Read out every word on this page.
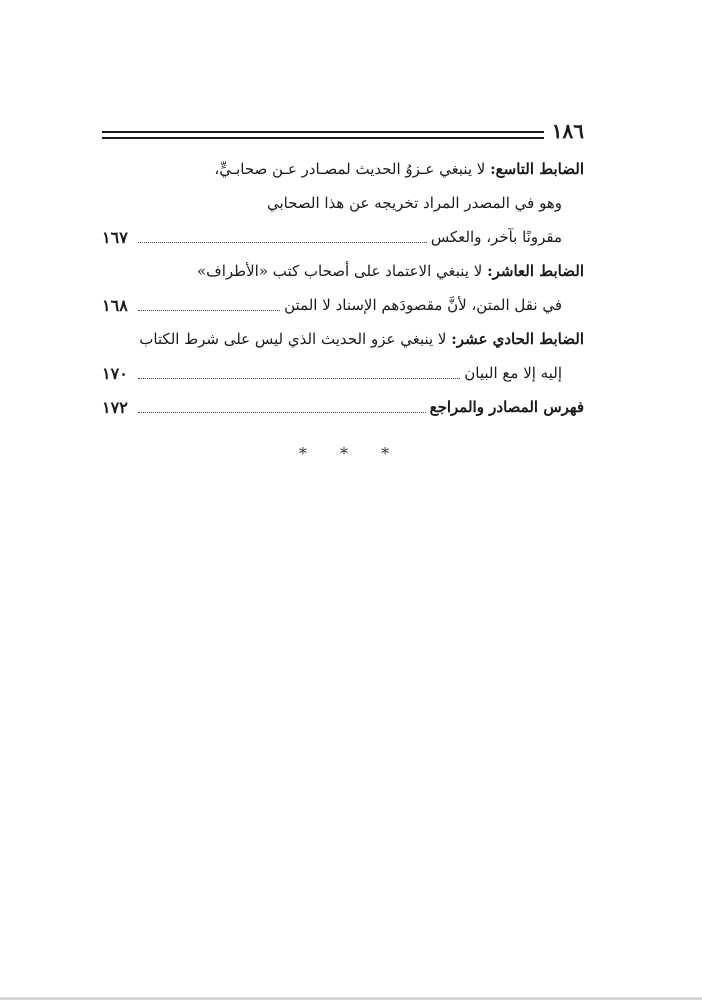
١٨٦
الضابط التاسع: لا ينبغي عـزوُ الحديث لمصـادر عـن صحابـيٍّ،
وهو في المصدر المراد تخريجه عن هذا الصحابي
مقرونًا بآخر، والعكس
١٦٧
الضابط العاشر: لا ينبغي الاعتماد على أصحاب كتب «الأطراف»
في نقل المتن، لأنَّ مقصودَهم الإسناد لا المتن
١٦٨
الضابط الحادي عشر: لا ينبغي عزو الحديث الذي ليس على شرط الكتاب
إليه إلا مع البيان
١٧٠
فهرس المصادر والمراجع
١٧٢
* * *
